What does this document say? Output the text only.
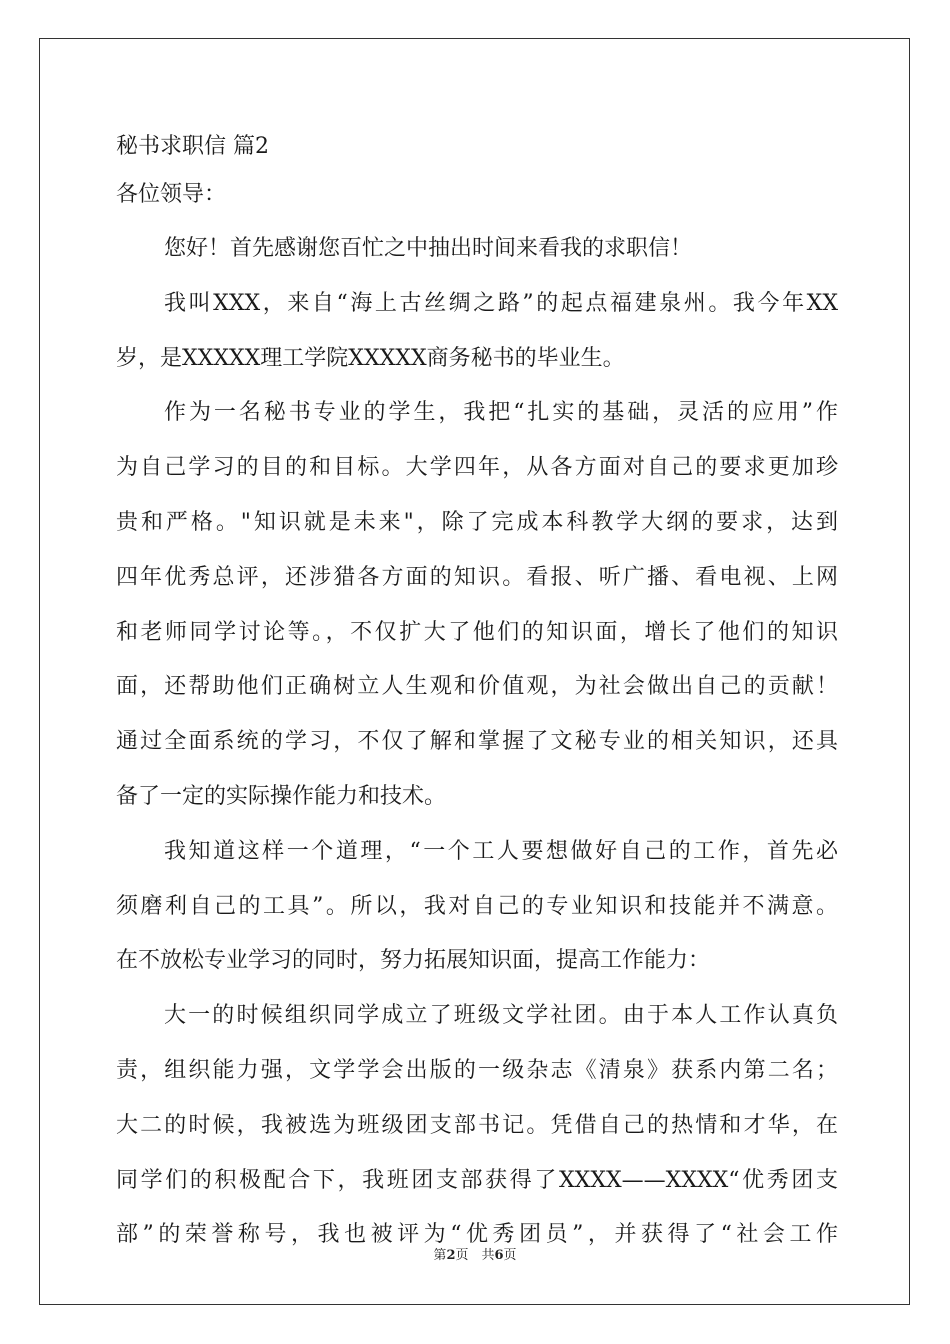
秘书求职信 篇2
各位领导：
您好！首先感谢您百忙之中抽出时间来看我的求职信！
我叫XXX，来自“海上古丝绸之路”的起点福建泉州。我今年XX
岁，是XXXXX理工学院XXXXX商务秘书的毕业生。
作为一名秘书专业的学生，我把“扎实的基础，灵活的应用”作
为自己学习的目的和目标。大学四年，从各方面对自己的要求更加珍
贵和严格。"知识就是未来"，除了完成本科教学大纲的要求，达到
四年优秀总评，还涉猎各方面的知识。看报、听广播、看电视、上网
和老师同学讨论等。，不仅扩大了他们的知识面，增长了他们的知识
面，还帮助他们正确树立人生观和价值观，为社会做出自己的贡献！
通过全面系统的学习，不仅了解和掌握了文秘专业的相关知识，还具
备了一定的实际操作能力和技术。
我知道这样一个道理，“一个工人要想做好自己的工作，首先必
须磨利自己的工具”。所以，我对自己的专业知识和技能并不满意。
在不放松专业学习的同时，努力拓展知识面，提高工作能力：
大一的时候组织同学成立了班级文学社团。由于本人工作认真负
责，组织能力强，文学学会出版的一级杂志《清泉》获系内第二名；
大二的时候，我被选为班级团支部书记。凭借自己的热情和才华，在
同学们的积极配合下，我班团支部获得了XXXX——XXXX“优秀团支
部”的荣誉称号，我也被评为“优秀团员”，并获得了“社会工作
第2页　共6页
